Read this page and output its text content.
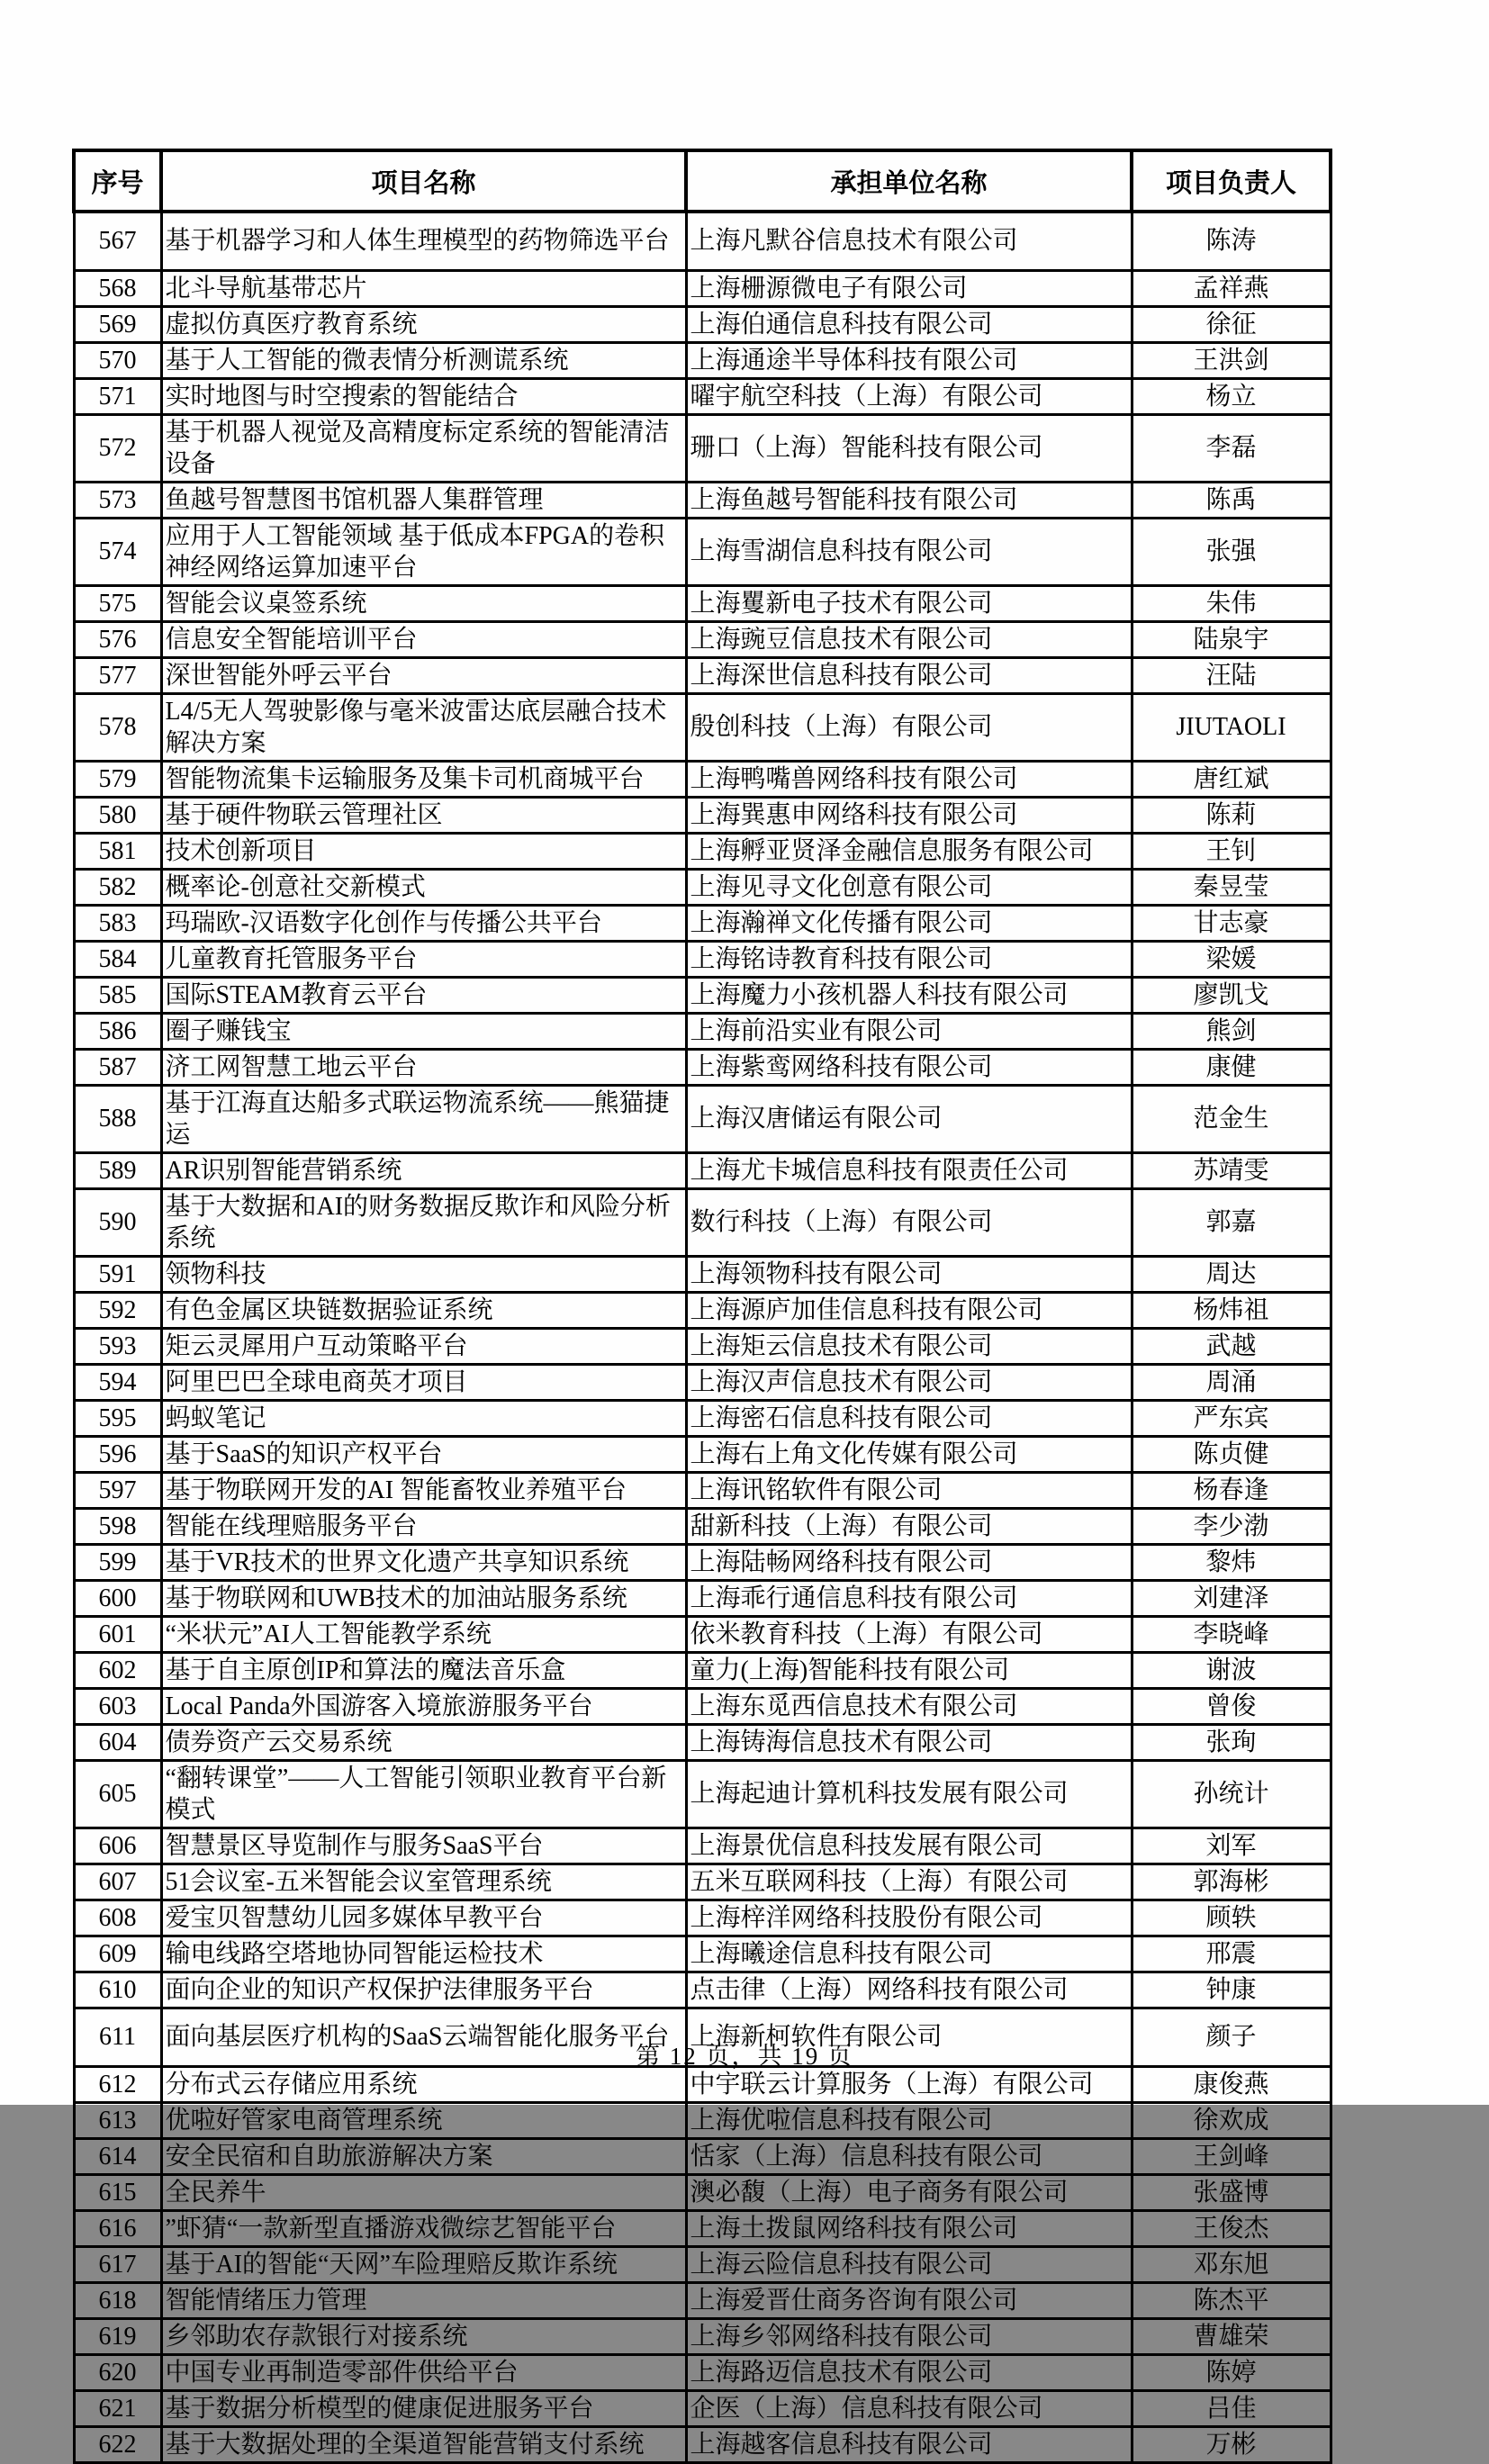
序号	项目名称	承担单位名称	项目负责人
567	基于机器学习和人体生理模型的药物筛选平台	上海凡默谷信息技术有限公司	陈涛
568	北斗导航基带芯片	上海栅源微电子有限公司	孟祥燕
569	虚拟仿真医疗教育系统	上海伯通信息科技有限公司	徐征
570	基于人工智能的微表情分析测谎系统	上海通途半导体科技有限公司	王洪剑
571	实时地图与时空搜索的智能结合	曜宇航空科技（上海）有限公司	杨立
572	基于机器人视觉及高精度标定系统的智能清洁设备	珊口（上海）智能科技有限公司	李磊
573	鱼越号智慧图书馆机器人集群管理	上海鱼越号智能科技有限公司	陈禹
574	应用于人工智能领域 基于低成本FPGA的卷积神经网络运算加速平台	上海雪湖信息科技有限公司	张强
575	智能会议桌签系统	上海矍新电子技术有限公司	朱伟
576	信息安全智能培训平台	上海豌豆信息技术有限公司	陆泉宇
577	深世智能外呼云平台	上海深世信息科技有限公司	汪陆
578	L4/5无人驾驶影像与毫米波雷达底层融合技术解决方案	殷创科技（上海）有限公司	JIUTAOLI
579	智能物流集卡运输服务及集卡司机商城平台	上海鸭嘴兽网络科技有限公司	唐红斌
580	基于硬件物联云管理社区	上海巽惠申网络科技有限公司	陈莉
581	技术创新项目	上海孵亚贤泽金融信息服务有限公司	王钊
582	概率论-创意社交新模式	上海见寻文化创意有限公司	秦昱莹
583	玛瑞欧-汉语数字化创作与传播公共平台	上海瀚禅文化传播有限公司	甘志豪
584	儿童教育托管服务平台	上海铭诗教育科技有限公司	梁媛
585	国际STEAM教育云平台	上海魔力小孩机器人科技有限公司	廖凯戈
586	圈子赚钱宝	上海前沿实业有限公司	熊剑
587	济工网智慧工地云平台	上海紫鸾网络科技有限公司	康健
588	基于江海直达船多式联运物流系统——熊猫捷运	上海汉唐储运有限公司	范金生
589	AR识别智能营销系统	上海尤卡城信息科技有限责任公司	苏靖雯
590	基于大数据和AI的财务数据反欺诈和风险分析系统	数行科技（上海）有限公司	郭嘉
591	领物科技	上海领物科技有限公司	周达
592	有色金属区块链数据验证系统	上海源庐加佳信息科技有限公司	杨炜祖
593	矩云灵犀用户互动策略平台	上海矩云信息技术有限公司	武越
594	阿里巴巴全球电商英才项目	上海汉声信息技术有限公司	周涌
595	蚂蚁笔记	上海密石信息科技有限公司	严东宾
596	基于SaaS的知识产权平台	上海右上角文化传媒有限公司	陈贞健
597	基于物联网开发的AI 智能畜牧业养殖平台	上海讯铭软件有限公司	杨春逢
598	智能在线理赔服务平台	甜新科技（上海）有限公司	李少渤
599	基于VR技术的世界文化遗产共享知识系统	上海陆畅网络科技有限公司	黎炜
600	基于物联网和UWB技术的加油站服务系统	上海乖行通信息科技有限公司	刘建泽
601	“米状元”AI人工智能教学系统	依米教育科技（上海）有限公司	李晓峰
602	基于自主原创IP和算法的魔法音乐盒	童力(上海)智能科技有限公司	谢波
603	Local Panda外国游客入境旅游服务平台	上海东觅西信息技术有限公司	曾俊
604	债券资产云交易系统	上海铸海信息技术有限公司	张珣
605	“翻转课堂”——人工智能引领职业教育平台新模式	上海起迪计算机科技发展有限公司	孙统计
606	智慧景区导览制作与服务SaaS平台	上海景优信息科技发展有限公司	刘军
607	51会议室-五米智能会议室管理系统	五米互联网科技（上海）有限公司	郭海彬
608	爱宝贝智慧幼儿园多媒体早教平台	上海梓洋网络科技股份有限公司	顾轶
609	输电线路空塔地协同智能运检技术	上海曦途信息科技有限公司	邢震
610	面向企业的知识产权保护法律服务平台	点击律（上海）网络科技有限公司	钟康
611	面向基层医疗机构的SaaS云端智能化服务平台	上海新柯软件有限公司	颜子
612	分布式云存储应用系统	中宇联云计算服务（上海）有限公司	康俊燕
613	优啦好管家电商管理系统	上海优啦信息科技有限公司	徐欢成
614	安全民宿和自助旅游解决方案	恬家（上海）信息科技有限公司	王剑峰
615	全民养牛	澳必馥（上海）电子商务有限公司	张盛博
616	”虾猜“一款新型直播游戏微综艺智能平台	上海土拨鼠网络科技有限公司	王俊杰
617	基于AI的智能“天网”车险理赔反欺诈系统	上海云险信息科技有限公司	邓东旭
618	智能情绪压力管理	上海爱晋仕商务咨询有限公司	陈杰平
619	乡邻助农存款银行对接系统	上海乡邻网络科技有限公司	曹雄荣
620	中国专业再制造零部件供给平台	上海路迈信息技术有限公司	陈婷
621	基于数据分析模型的健康促进服务平台	企医（上海）信息科技有限公司	吕佳
622	基于大数据处理的全渠道智能营销支付系统	上海越客信息科技有限公司	万彬
第 12 页，共 19 页
